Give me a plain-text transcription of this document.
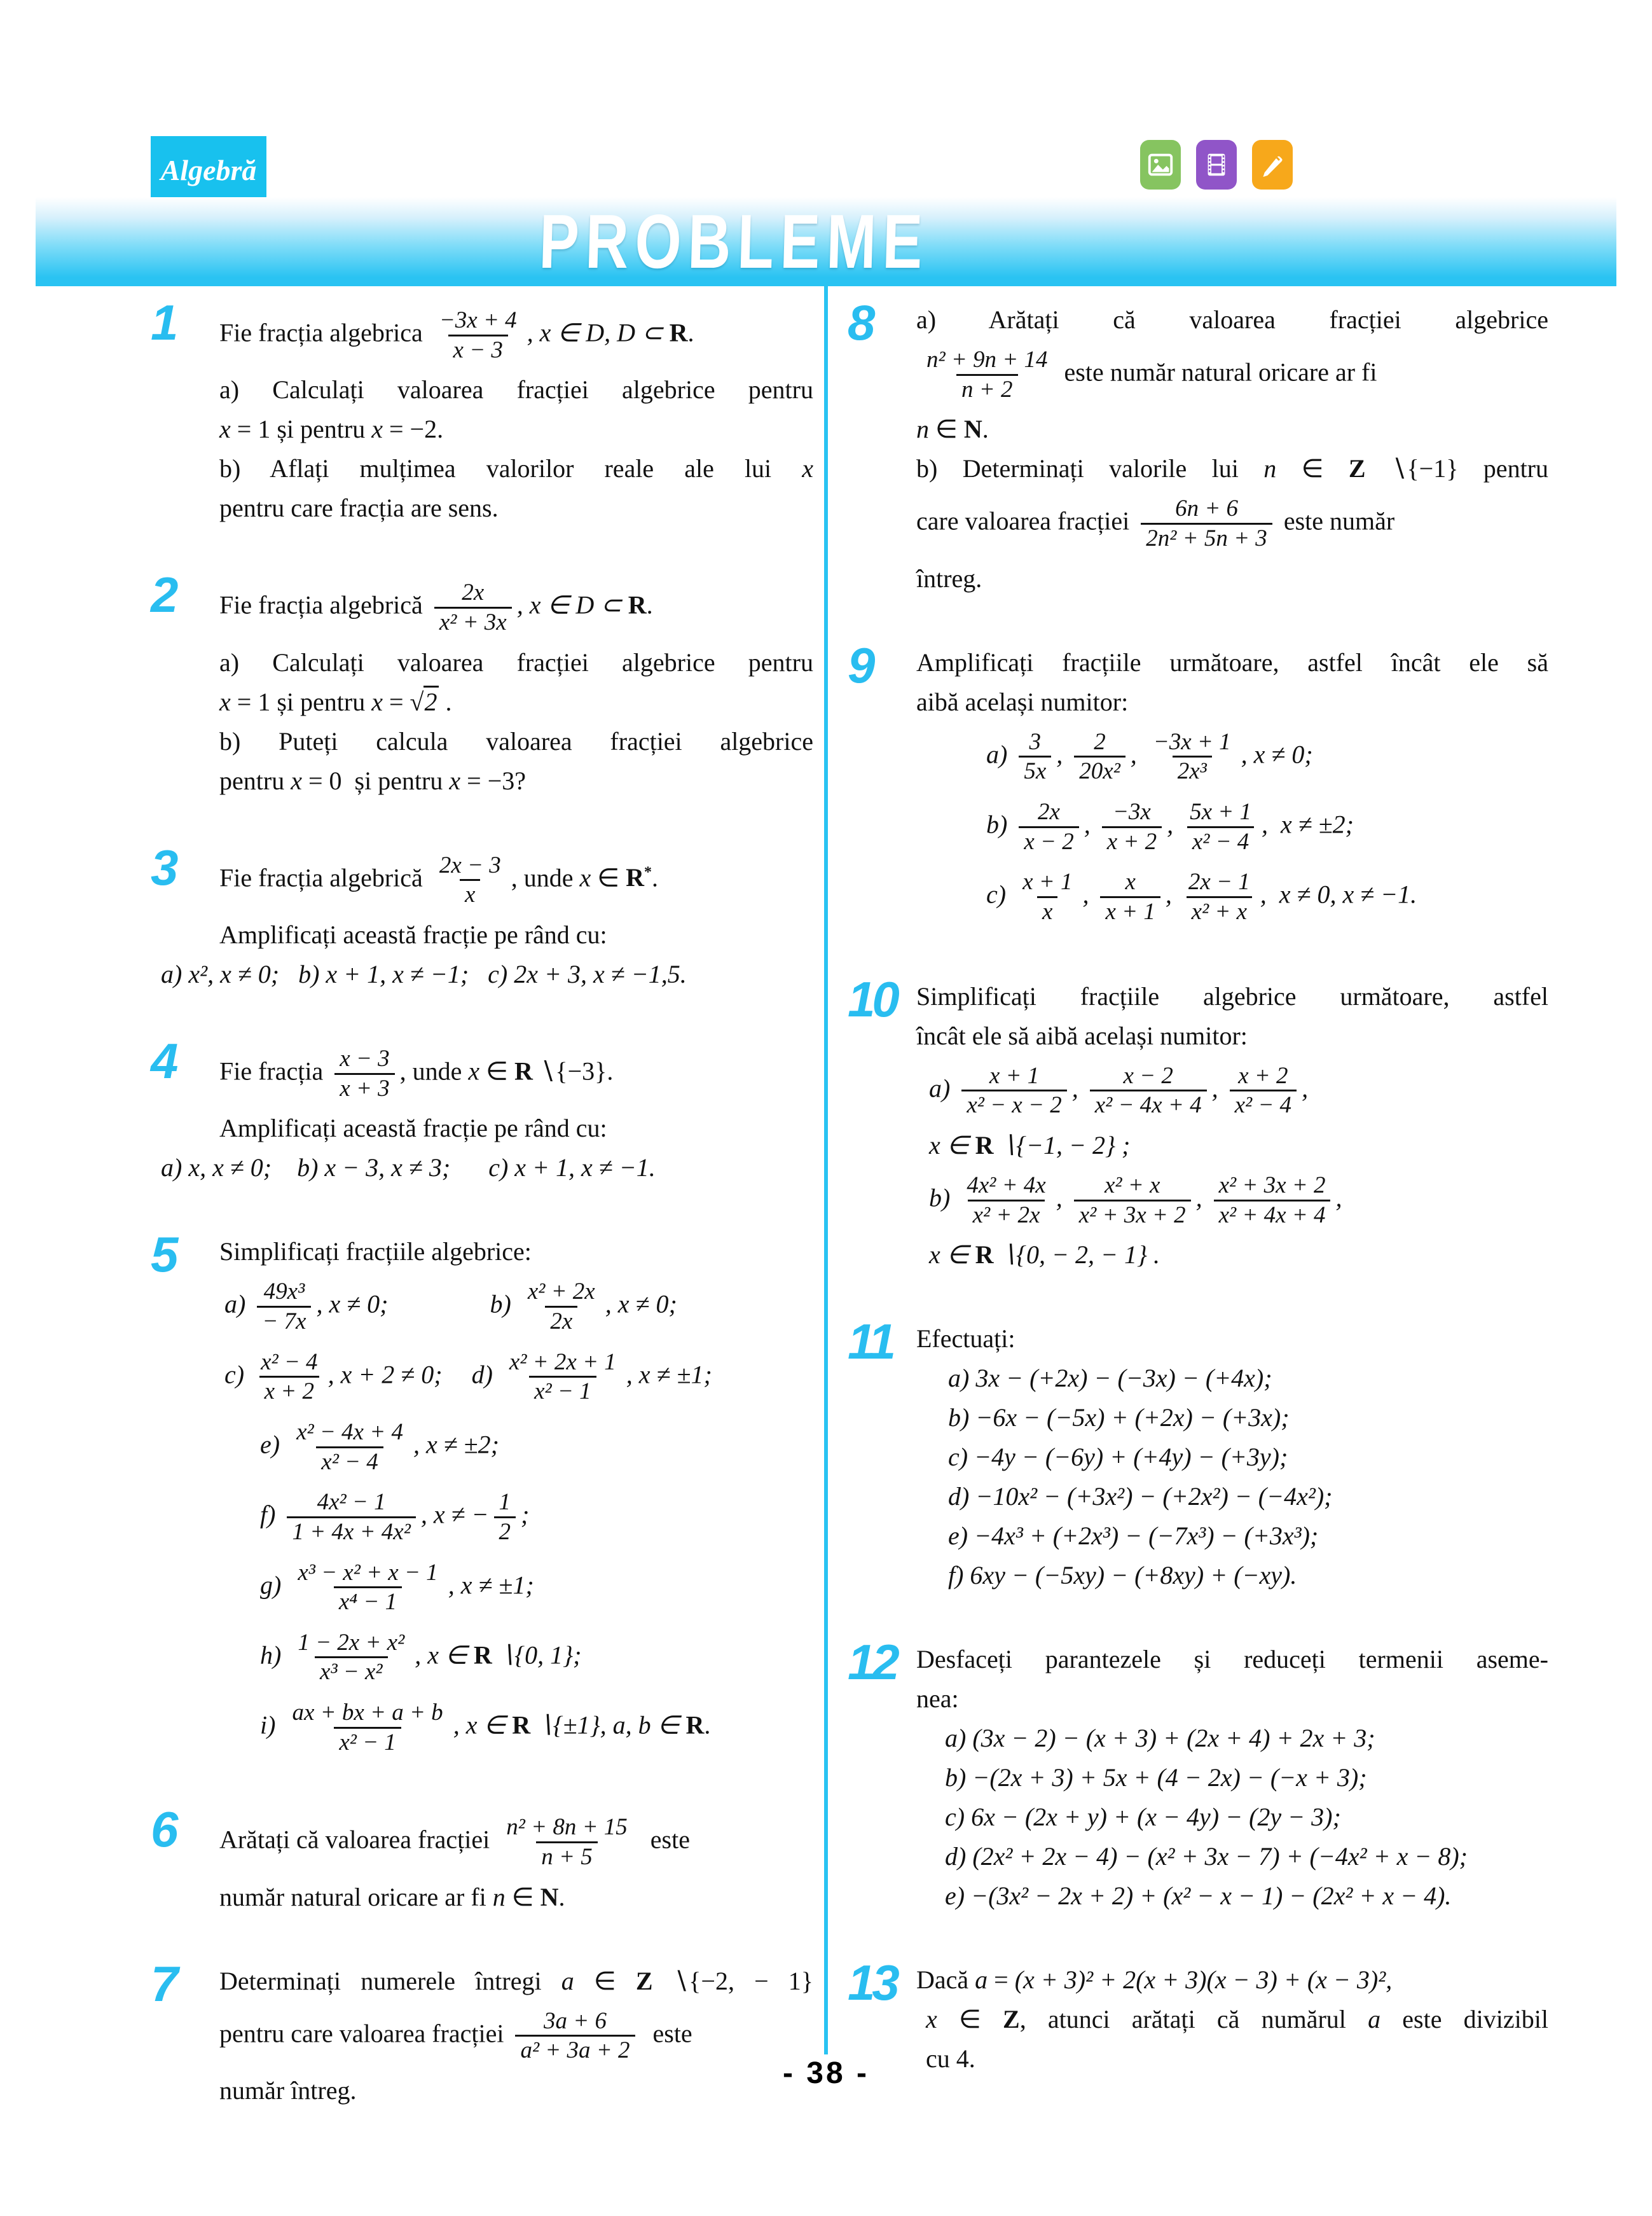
Algebră
PROBLEME
1	Fie fracția algebrica $\frac{-3x + 4}{x - 3}$ , x ∈ D, D ⊂ R.
a) Calculați valoarea fracției algebrice pentru
x = 1 și pentru x = −2.
b) Aflați mulțimea valorilor reale ale lui x
pentru care fracția are sens.
2	Fie fracția algebrică $\frac{2x}{\text{x² + 3x}}$ , x ∈ D ⊂ R.
a) Calculați valoarea fracției algebrice pentru
x = 1 și pentru x = √2 .
b) Puteți calcula valoarea fracției algebrice
pentru x = 0  și pentru x = −3?
3	Fie fracția algebrică $\frac{2x - 3}{x}$ , unde x ∈ R*.
Amplificați această fracție pe rând cu:
a) x², x ≠ 0;   b) x + 1, x ≠ −1;   c) 2x + 3, x ≠ −1,5.
4	Fie fracția $\frac{x - 3}{x + 3}$ , unde x ∈ R ∖{−3}.
Amplificați această fracție pe rând cu:
a) x, x ≠ 0;    b) x − 3, x ≠ 3;      c) x + 1, x ≠ −1.
5	Simplificați fracțiile algebrice:
$a) \frac{\text{49x³}}{- 7x}$ , x ≠ 0;	$b) \frac{\text{x² + 2x}}{2x}$ , x ≠ 0;
$c) \frac{\text{x² − 4}}{x + 2}$ , x + 2 ≠ 0; $d) \frac{\text{x² + 2x + 1}}{\text{x² − 1}}$ , x ≠ ±1;
$e) \frac{\text{x² − 4x + 4}}{\text{x² − 4}}$ , x ≠ ±2;
$f) \frac{\text{4x² − 1}}{\text{1 + 4x + 4x²}}$ , x ≠ − $\frac{1}{2}$ ;
$g) \frac{\text{x³ − x² + x − 1}}{\text{x⁴ − 1}}$ , x ≠ ±1;
$h) \frac{\text{1 − 2x + x²}}{\text{x³ − x²}}$ , x ∈ R ∖{0, 1};
$i) \frac{ax + bx + a + b}{\text{x² − 1}}$ , x ∈ R ∖{±1}, a, b ∈ R.
6	Arătați că valoarea fracției $\frac{\text{n² + 8n + 15}}{n + 5}$ este
număr natural oricare ar fi n ∈ N.
7	Determinați numerele întregi a ∈ Z ∖{−2, − 1}
pentru care valoarea fracției $\frac{3a + 6}{\text{a² + 3a + 2}}$ este
număr întreg.
8	a) Arătați că valoarea fracției algebrice
$\frac{\text{n² + 9n + 14}}{n + 2}$ este număr natural oricare ar fi
n ∈ N.
b) Determinați valorile lui n ∈ Z ∖{−1} pentru
care valoarea fracției $\frac{6n + 6}{\text{2n² + 5n + 3}}$ este număr
întreg.
9	Amplificați fracțiile următoare, astfel încât ele să
aibă același numitor:
$a) \frac{3}{5x}$ , $\frac{2}{\text{20x²}}$ , $\frac{-3x + 1}{\text{2x³}}$ , x ≠ 0;
$b) \frac{2x}{x - 2}$ , $\frac{-3x}{x + 2}$ , $\frac{5x + 1}{\text{x² − 4}}$ ,  x ≠ ±2;
$c) \frac{x + 1}{x}$ , $\frac{x}{x + 1}$ , $\frac{2x - 1}{\text{x² + x}}$ ,  x ≠ 0, x ≠ −1.
10 Simplificați fracțiile algebrice următoare, astfel
încât ele să aibă același numitor:
$a) \frac{x + 1}{\text{x² − x − 2}}$ , $\frac{x - 2}{\text{x² − 4x + 4}}$ , $\frac{x + 2}{\text{x² − 4}}$ ,
x ∈ R ∖{−1, − 2} ;
$b) \frac{\text{4x² + 4x}}{\text{x² + 2x}}$ , $\frac{\text{x² + x}}{\text{x² + 3x + 2}}$ , $\frac{\text{x² + 3x + 2}}{\text{x² + 4x + 4}}$ ,
x ∈ R ∖{0, − 2, − 1} .
11 Efectuați:
a) 3x − (+2x) − (−3x) − (+4x);
b) −6x − (−5x) + (+2x) − (+3x);
c) −4y − (−6y) + (+4y) − (+3y);
d) −10x² − (+3x²) − (+2x²) − (−4x²);
e) −4x³ + (+2x³) − (−7x³) − (+3x³);
f) 6xy − (−5xy) − (+8xy) + (−xy).
12 Desfaceți parantezele și reduceți termenii aseme-
nea:
a) (3x − 2) − (x + 3) + (2x + 4) + 2x + 3;
b) −(2x + 3) + 5x + (4 − 2x) − (−x + 3);
c) 6x − (2x + y) + (x − 4y) − (2y − 3);
d) (2x² + 2x − 4) − (x² + 3x − 7) + (−4x² + x − 8);
e) −(3x² − 2x + 2) + (x² − x − 1) − (2x² + x − 4).
13 Dacă a = (x + 3)² + 2(x + 3)(x − 3) + (x − 3)²,
x ∈ Z, atunci arătați că numărul a este divizibil
cu 4.
- 38 -
